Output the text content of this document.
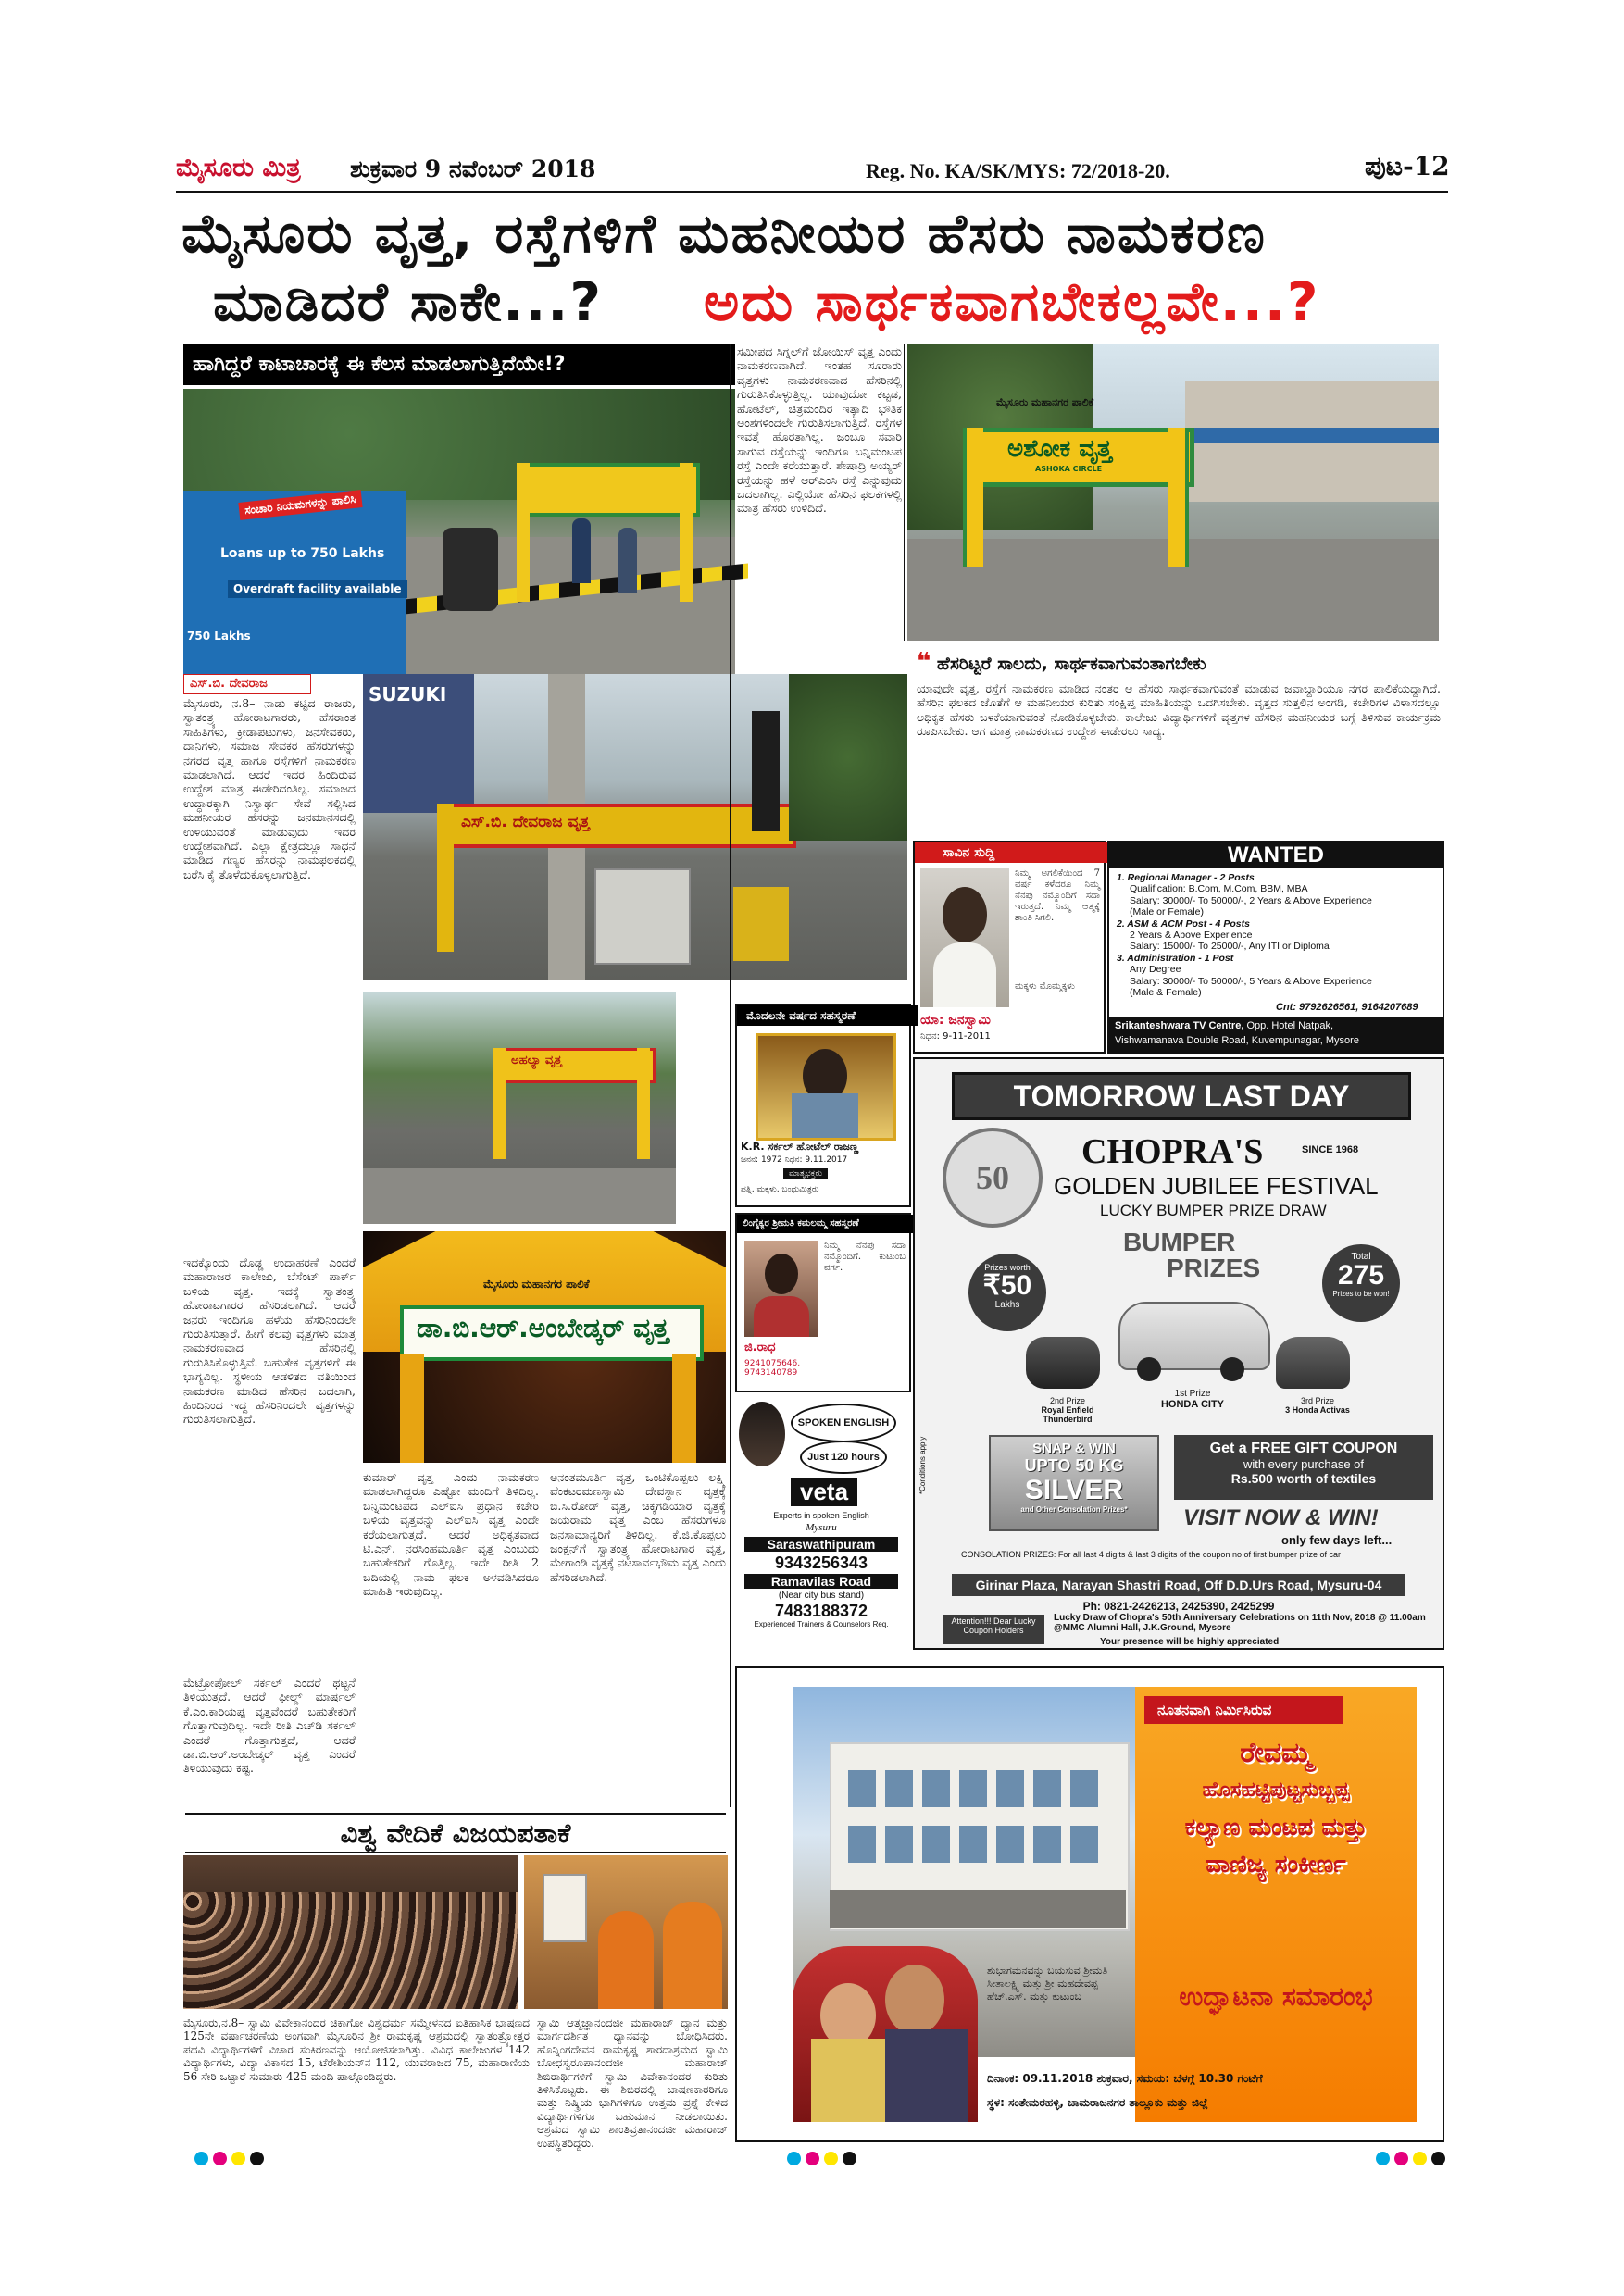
ಮೈಸೂರು ಮಿತ್ರ ಶುಕ್ರವಾರ 9 ನವೆಂಬರ್ 2018	Reg. No. KA/SK/MYS: 72/2018-20.	ಪುಟ-12
ಮೈಸೂರು ವೃತ್ತ, ರಸ್ತೆಗಳಿಗೆ ಮಹನೀಯರ ಹೆಸರು ನಾಮಕರಣ
ಮಾಡಿದರೆ ಸಾಕೇ...? ಅದು ಸಾರ್ಥಕವಾಗಬೇಕಲ್ಲವೇ...?
ಹಾಗಿದ್ದರೆ ಕಾಟಾಚಾರಕ್ಕೆ ಈ ಕೆಲಸ ಮಾಡಲಾಗುತ್ತಿದೆಯೇ!?
ಸಂಚಾರಿ ನಿಯಮಗಳನ್ನು ಪಾಲಿಸಿ
Loans up to 750 Lakhs
Overdraft facility available
750 Lakhs
ಮೈಸೂರು ಮಹಾನಗರ ಪಾಲಿಕೆ
ಅಶೋಕ ವೃತ್ತ
ASHOKA CIRCLE
SUZUKI
ಎಸ್.ಬಿ. ದೇವರಾಜ ವೃತ್ತ
ಅಹಲ್ಯಾ ವೃತ್ತ
ಮೈಸೂರು ಮಹಾನಗರ ಪಾಲಿಕೆ
ಡಾ.ಬಿ.ಆರ್.ಅಂಬೇಡ್ಕರ್ ವೃತ್ತ
ಎಸ್.ಬಿ. ದೇವರಾಜ
ಮೈಸೂರು, ನ.8– ನಾಡು ಕಟ್ಟಿದ ರಾಜರು, ಸ್ವಾತಂತ್ರ್ಯ ಹೋರಾಟಗಾರರು, ಹೆಸರಾಂತ ಸಾಹಿತಿಗಳು, ಕ್ರೀಡಾಪಟುಗಳು, ಜನಸೇವಕರು, ದಾನಿಗಳು, ಸಮಾಜ ಸೇವಕರ ಹೆಸರುಗಳನ್ನು ನಗರದ ವೃತ್ತ ಹಾಗೂ ರಸ್ತೆಗಳಿಗೆ ನಾಮಕರಣ ಮಾಡಲಾಗಿದೆ. ಆದರೆ ಇದರ ಹಿಂದಿರುವ ಉದ್ದೇಶ ಮಾತ್ರ ಈಡೇರಿದಂತಿಲ್ಲ. ಸಮಾಜದ ಉದ್ಧಾರಕ್ಕಾಗಿ ನಿಸ್ವಾರ್ಥ ಸೇವೆ ಸಲ್ಲಿಸಿದ ಮಹನೀಯರ ಹೆಸರನ್ನು ಜನಮಾನಸದಲ್ಲಿ ಉಳಿಯುವಂತೆ ಮಾಡುವುದು ಇದರ ಉದ್ದೇಶವಾಗಿದೆ. ಎಲ್ಲಾ ಕ್ಷೇತ್ರದಲ್ಲೂ ಸಾಧನೆ ಮಾಡಿದ ಗಣ್ಯರ ಹೆಸರನ್ನು ನಾಮಫಲಕದಲ್ಲಿ ಬರೆಸಿ ಕೈ ತೊಳೆದುಕೊಳ್ಳಲಾಗುತ್ತಿದೆ.
ಇದಕ್ಕೊಂದು ದೊಡ್ಡ ಉದಾಹರಣೆ ಎಂದರೆ ಮಹಾರಾಜರ ಕಾಲೇಜು, ಬೆಸೆಂಟ್ ಪಾರ್ಕ್ ಬಳಿಯ ವೃತ್ತ. ಇದಕ್ಕೆ ಸ್ವಾತಂತ್ರ್ಯ ಹೋರಾಟಗಾರರ ಹೆಸರಿಡಲಾಗಿದೆ. ಆದರೆ ಜನರು ಇಂದಿಗೂ ಹಳೆಯ ಹೆಸರಿನಿಂದಲೇ ಗುರುತಿಸುತ್ತಾರೆ. ಹೀಗೆ ಕಲವು ವೃತ್ತಗಳು ಮಾತ್ರ ನಾಮಕರಣವಾದ ಹೆಸರಿನಲ್ಲಿ ಗುರುತಿಸಿಕೊಳ್ಳುತ್ತಿವೆ. ಬಹುತೇಕ ವೃತ್ತಗಳಿಗೆ ಈ ಭಾಗ್ಯವಿಲ್ಲ. ಸ್ಥಳೀಯ ಆಡಳಿತದ ವತಿಯಿಂದ ನಾಮಕರಣ ಮಾಡಿದ ಹೆಸರಿನ ಬದಲಾಗಿ, ಹಿಂದಿನಿಂದ ಇದ್ದ ಹೆಸರಿನಿಂದಲೇ ವೃತ್ತಗಳನ್ನು ಗುರುತಿಸಲಾಗುತ್ತಿದೆ.
ಮೆಟ್ರೋಪೋಲ್ ಸರ್ಕಲ್ ಎಂದರೆ ಥಟ್ಟನೆ ತಿಳಿಯುತ್ತದೆ. ಆದರೆ ಫೀಲ್ಡ್ ಮಾರ್ಷಲ್ ಕೆ.ಎಂ.ಕಾರಿಯಪ್ಪ ವೃತ್ತವೆಂದರೆ ಬಹುತೇಕರಿಗೆ ಗೊತ್ತಾಗುವುದಿಲ್ಲ. ಇದೇ ರೀತಿ ಎಚ್‌ಡಿ ಸರ್ಕಲ್ ಎಂದರೆ ಗೊತ್ತಾಗುತ್ತದೆ, ಆದರೆ ಡಾ.ಬಿ.ಆರ್.ಅಂಬೇಡ್ಕರ್ ವೃತ್ತ ಎಂದರೆ ತಿಳಿಯುವುದು ಕಷ್ಟ.
ಸಮೀಪದ ಸಿಗ್ನಲ್‌ಗೆ ಜೋಯಿಸ್ ವೃತ್ತ ಎಂದು ನಾಮಕರಣವಾಗಿದೆ. ಇಂತಹ ಸೂರಾರು ವೃತ್ತಗಳು ನಾಮಕರಣವಾದ ಹೆಸರಿನಲ್ಲಿ ಗುರುತಿಸಿಕೊಳ್ಳುತ್ತಿಲ್ಲ. ಯಾವುದೋ ಕಟ್ಟಡ, ಹೋಟೆಲ್, ಚಿತ್ರಮಂದಿರ ಇತ್ಯಾದಿ ಭೌತಿಕ ಅಂಶಗಳಿಂದಲೇ ಗುರುತಿಸಲಾಗುತ್ತಿದೆ. ರಸ್ತೆಗಳ ಇವತ್ತೆ ಹೊರತಾಗಿಲ್ಲ. ಜಂಬೂ ಸವಾರಿ ಸಾಗುವ ರಸ್ತೆಯನ್ನು ಇಂದಿಗೂ ಬನ್ನಿಮಂಟಪ ರಸ್ತೆ ಎಂದೇ ಕರೆಯುತ್ತಾರೆ. ಶೇಷಾದ್ರಿ ಅಯ್ಯರ್ ರಸ್ತೆಯನ್ನು ಹಳೆ ಆರ್‌ಎಂಸಿ ರಸ್ತೆ ಎನ್ನುವುದು ಬದಲಾಗಿಲ್ಲ. ಎಲ್ಲಿಯೋ ಹೆಸರಿನ ಫಲಕಗಳಲ್ಲಿ ಮಾತ್ರ ಹೆಸರು ಉಳಿದಿದೆ.
ಕುಮಾರ್ ವೃತ್ತ ಎಂದು ನಾಮಕರಣ ಮಾಡಲಾಗಿದ್ದರೂ ಎಷ್ಟೋ ಮಂದಿಗೆ ತಿಳಿದಿಲ್ಲ. ಬನ್ನಿಮಂಟಪದ ಎಲ್‌ಐಸಿ ಪ್ರಧಾನ ಕಚೇರಿ ಬಳಿಯ ವೃತ್ತವನ್ನು ಎಲ್‌ಐಸಿ ವೃತ್ತ ಎಂದೇ ಕರೆಯಲಾಗುತ್ತದೆ. ಆದರೆ ಅಧಿಕೃತವಾದ ಟಿ.ಎನ್. ನರಸಿಂಹಮೂರ್ತಿ ವೃತ್ತ ಎಂಬುದು ಬಹುತೇಕರಿಗೆ ಗೊತ್ತಿಲ್ಲ. ಇದೇ ರೀತಿ 2 ಬದಿಯಲ್ಲಿ ನಾಮ ಫಲಕ ಅಳವಡಿಸಿದರೂ ಮಾಹಿತಿ ಇರುವುದಿಲ್ಲ.
ಅನಂತಮೂರ್ತಿ ವೃತ್ತ, ಒಂಟಿಕೊಪ್ಪಲು ಲಕ್ಷ್ಮಿ ವೆಂಕಟರಮಣಸ್ವಾಮಿ ದೇವಸ್ಥಾನ ವೃತ್ತಕ್ಕೆ ಬಿ.ಸಿ.ರೋಡ್ ವೃತ್ತ, ಚಿಕ್ಕಗಡಿಯಾರ ವೃತ್ತಕ್ಕೆ ಜಯರಾಮ ವೃತ್ತ ಎಂಬ ಹೆಸರುಗಳೂ ಜನಸಾಮಾನ್ಯರಿಗೆ ತಿಳಿದಿಲ್ಲ. ಕೆ.ಜಿ.ಕೊಪ್ಪಲು ಜಂಕ್ಷನ್‌ಗೆ ಸ್ವಾತಂತ್ರ್ಯ ಹೋರಾಟಗಾರ ವೃತ್ತ, ಮೇಗಾಂಡಿ ವೃತ್ತಕ್ಕೆ ನಟಸಾರ್ವಭೌಮ ವೃತ್ತ ಎಂದು ಹೆಸರಿಡಲಾಗಿದೆ.
❝ ಹೆಸರಿಟ್ಟರೆ ಸಾಲದು, ಸಾರ್ಥಕವಾಗುವಂತಾಗಬೇಕು
ಯಾವುದೇ ವೃತ್ತ, ರಸ್ತೆಗೆ ನಾಮಕರಣ ಮಾಡಿದ ನಂತರ ಆ ಹೆಸರು ಸಾರ್ಥಕವಾಗುವಂತೆ ಮಾಡುವ ಜವಾಬ್ದಾರಿಯೂ ನಗರ ಪಾಲಿಕೆಯದ್ದಾಗಿದೆ. ಹೆಸರಿನ ಫಲಕದ ಜೊತೆಗೆ ಆ ಮಹನೀಯರ ಕುರಿತು ಸಂಕ್ಷಿಪ್ತ ಮಾಹಿತಿಯನ್ನು ಒದಗಿಸಬೇಕು. ವೃತ್ತದ ಸುತ್ತಲಿನ ಅಂಗಡಿ, ಕಚೇರಿಗಳ ವಿಳಾಸದಲ್ಲೂ ಅಧಿಕೃತ ಹೆಸರು ಬಳಕೆಯಾಗುವಂತೆ ನೋಡಿಕೊಳ್ಳಬೇಕು. ಕಾಲೇಜು ವಿದ್ಯಾರ್ಥಿಗಳಿಗೆ ವೃತ್ತಗಳ ಹೆಸರಿನ ಮಹನೀಯರ ಬಗ್ಗೆ ತಿಳಿಸುವ ಕಾರ್ಯಕ್ರಮ ರೂಪಿಸಬೇಕು. ಆಗ ಮಾತ್ರ ನಾಮಕರಣದ ಉದ್ದೇಶ ಈಡೇರಲು ಸಾಧ್ಯ.
ಸಾವಿನ ಸುದ್ದಿ
ನಿಮ್ಮ ಅಗಲಿಕೆಯಿಂದ 7 ವರ್ಷ ಕಳೆದರೂ ನಿಮ್ಮ ನೆನಪು ನಮ್ಮೊಂದಿಗೆ ಸದಾ ಇರುತ್ತದೆ. ನಿಮ್ಮ ಆತ್ಮಕ್ಕೆ ಶಾಂತಿ ಸಿಗಲಿ.
ಮಕ್ಕಳು ಮೊಮ್ಮಕ್ಕಳು
ಯಾ: ಜನಸ್ವಾಮಿ
ನಿಧನ: 9-11-2011
WANTED
1. Regional Manager - 2 Posts
Qualification: B.Com, M.Com, BBM, MBA
Salary: 30000/- To 50000/-, 2 Years & Above Experience
(Male or Female)
2. ASM & ACM Post - 4 Posts
2 Years & Above Experience
Salary: 15000/- To 25000/-, Any ITI or Diploma
3. Administration - 1 Post
Any Degree
Salary: 30000/- To 50000/-, 5 Years & Above Experience
(Male & Female)
Cnt: 9792626561, 9164207689
Srikanteshwara TV Centre, Opp. Hotel Natpak,
Vishwamanava Double Road, Kuvempunagar, Mysore
ಮೊದಲನೇ ವರ್ಷದ ಸಹಸ್ಮರಣೆ
K.R. ಸರ್ಕಲ್ ಹೋಟೆಲ್ ರಾಜಣ್ಣ
ಜನನ: 1972 ನಿಧನ: 9.11.2017
ಮಾತೃಭಕ್ತರು
ಪತ್ನಿ, ಮಕ್ಕಳು, ಬಂಧುಮಿತ್ರರು
ಲಿಂಗೈಕ್ಯರ ಶ್ರೀಮತಿ ಕಮಲಮ್ಮ ಸಹಸ್ಮರಣೆ
ನಿಮ್ಮ ನೆನಪು ಸದಾ ನಮ್ಮೊಂದಿಗೆ. ಕುಟುಂಬ ವರ್ಗ.
ಜಿ.ರಾಧ
9241075646, 9743140789
SPOKEN ENGLISH
Just 120 hours
veta
Experts in spoken English
Mysuru
Saraswathipuram
9343256343
Ramavilas Road
(Near city bus stand)
7483188372
Experienced Trainers & Counselors Req.
TOMORROW LAST DAY
50
CHOPRA'S	SINCE 1968
GOLDEN JUBILEE FESTIVAL
LUCKY BUMPER PRIZE DRAW
BUMPER
PRIZES
Prizes worth
₹50
Lakhs
Total
275
Prizes to be won!
1st Prize
HONDA CITY
2nd Prize
Royal Enfield Thunderbird
3rd Prize
3 Honda Activas
SNAP & WIN
UPTO 50 KG
SILVER
and Other Consolation Prizes*
Get a FREE GIFT COUPON
with every purchase of
Rs.500 worth of textiles
VISIT NOW & WIN!
only few days left...
CONSOLATION PRIZES: For all last 4 digits & last 3 digits of the coupon no of first bumper prize of car
Girinar Plaza, Narayan Shastri Road, Off D.D.Urs Road, Mysuru-04
Ph: 0821-2426213, 2425390, 2425299
Attention!!! Dear Lucky Coupon Holders
Lucky Draw of Chopra's 50th Anniversary Celebrations on 11th Nov, 2018 @ 11.00am @MMC Alumni Hall, J.K.Ground, Mysore
Your presence will be highly appreciated
*Conditions apply
ವಿಶ್ವ ವೇದಿಕೆ ವಿಜಯಪತಾಕೆ
ಮೈಸೂರು,ನ.8– ಸ್ವಾಮಿ ವಿವೇಕಾನಂದರ ಚಿಕಾಗೋ ವಿಶ್ವಧರ್ಮ ಸಮ್ಮೇಳನದ ಐತಿಹಾಸಿಕ ಭಾಷಣದ 125ನೇ ವರ್ಷಾಚರಣೆಯ ಅಂಗವಾಗಿ ಮೈಸೂರಿನ ಶ್ರೀ ರಾಮಕೃಷ್ಣ ಆಶ್ರಮದಲ್ಲಿ ಸ್ವಾತಂತ್ರ್ಯೋತ್ತರ ಪದವಿ ವಿದ್ಯಾರ್ಥಿಗಳಿಗೆ ವಿಚಾರ ಸಂಕಿರಣವನ್ನು ಆಯೋಜಿಸಲಾಗಿತ್ತು. ವಿವಿಧ ಕಾಲೇಜುಗಳ 142 ವಿದ್ಯಾರ್ಥಿಗಳು, ವಿದ್ಯಾ ವಿಕಾಸದ 15, ಟೆರೇಶಿಯನ್‌ನ 112, ಯುವರಾಜದ 75, ಮಹಾರಾಣಿಯ 56 ಸೇರಿ ಒಟ್ಟಾರೆ ಸುಮಾರು 425 ಮಂದಿ ಪಾಲ್ಗೊಂಡಿದ್ದರು.
ಸ್ವಾಮಿ ಆತ್ಮಜ್ಞಾನಂದಜೀ ಮಹಾರಾಜ್ ಧ್ಯಾನ ಮತ್ತು ಮಾರ್ಗದರ್ಶಿತ ಧ್ಯಾನವನ್ನು ಬೋಧಿಸಿದರು. ಹೊನ್ನಿಂಗದೇವನ ರಾಮಕೃಷ್ಣ ಶಾರದಾಶ್ರಮದ ಸ್ವಾಮಿ ಬೋಧಸ್ವರೂಪಾನಂದಜೀ ಮಹಾರಾಜ್ ಶಿಬಿರಾರ್ಥಿಗಳಿಗೆ ಸ್ವಾಮಿ ವಿವೇಕಾನಂದರ ಕುರಿತು ತಿಳಿಸಿಕೊಟ್ಟರು. ಈ ಶಿಬಿರದಲ್ಲಿ ಬಾಷಣಕಾರರಿಗೂ ಮತ್ತು ನಿಷ್ಕ್ರಿಯ ಭಾಗಿಗಳಿಗೂ ಉತ್ತಮ ಪ್ರಶ್ನೆ ಕೇಳಿದ ವಿದ್ಯಾರ್ಥಿಗಳಿಗೂ ಬಹುಮಾನ ನೀಡಲಾಯಿತು. ಆಶ್ರಮದ ಸ್ವಾಮಿ ಶಾಂತಿವ್ರತಾನಂದಜೀ ಮಹಾರಾಜ್ ಉಪಸ್ಥಿತರಿದ್ದರು.
ನೂತನವಾಗಿ ನಿರ್ಮಿಸಿರುವ
ರೇವಮ್ಮ
ಹೊಸಹಟ್ಟಿಪುಟ್ಟಸುಬ್ಬಪ್ಪ
ಕಲ್ಯಾಣ ಮಂಟಪ ಮತ್ತು
ವಾಣಿಜ್ಯ ಸಂಕೀರ್ಣ
ಶುಭಾಗಮನವನ್ನು ಬಯಸುವ ಶ್ರೀಮತಿ ಸೀತಾಲಕ್ಷ್ಮಿ ಮತ್ತು ಶ್ರೀ ಮಹದೇವಪ್ಪ ಹೆಚ್.ಎಸ್. ಮತ್ತು ಕುಟುಂಬ	ಉದ್ಘಾಟನಾ ಸಮಾರಂಭ
ದಿನಾಂಕ: 09.11.2018 ಶುಕ್ರವಾರ, ಸಮಯ: ಬೆಳಗ್ಗೆ 10.30 ಗಂಟೆಗೆ
ಸ್ಥಳ: ಸಂತೇಮರಹಳ್ಳಿ, ಚಾಮರಾಜನಗರ ತಾಲ್ಲೂಕು ಮತ್ತು ಜಿಲ್ಲೆ
